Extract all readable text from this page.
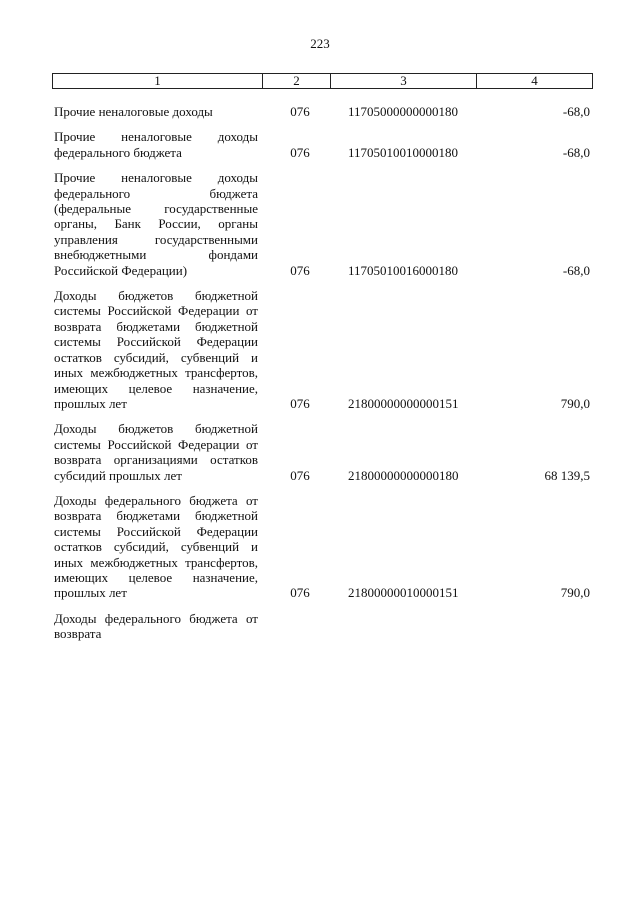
223
1	2	3	4
Прочие неналоговые доходы	076	11705000000000180	-68,0
Прочие неналоговые доходы федерального бюджета	076	11705010010000180	-68,0
Прочие неналоговые доходы федерального бюджета (федеральные государственные органы, Банк России, органы управления государственными внебюджетными фондами Российской Федерации)	076	11705010016000180	-68,0
Доходы бюджетов бюджетной системы Российской Федерации от возврата бюджетами бюджетной системы Российской Федерации остатков субсидий, субвенций и иных межбюджетных трансфертов, имеющих целевое назначение, прошлых лет	076	21800000000000151	790,0
Доходы бюджетов бюджетной системы Российской Федерации от возврата организациями остатков субсидий прошлых лет	076	21800000000000180	68 139,5
Доходы федерального бюджета от возврата бюджетами бюджетной системы Российской Федерации остатков субсидий, субвенций и иных межбюджетных трансфертов, имеющих целевое назначение, прошлых лет	076	21800000010000151	790,0
Доходы федерального бюджета от возврата			
